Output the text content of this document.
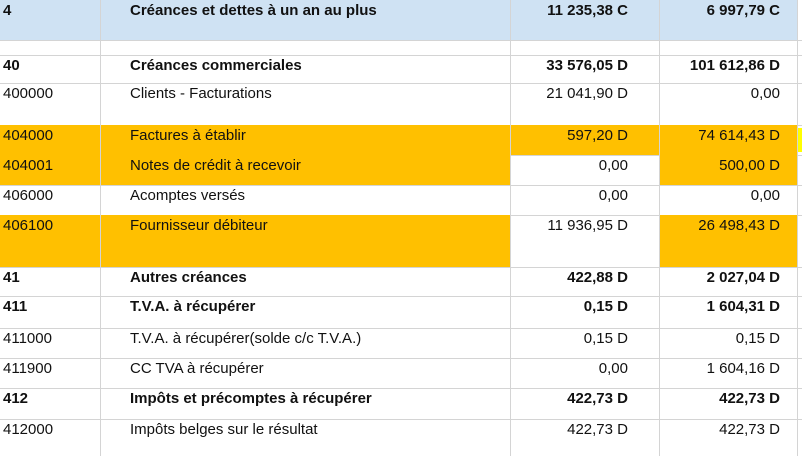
4	Créances et dettes à un an au plus	11 235,38 C	6 997,79 C
40	Créances commerciales	33 576,05 D	101 612,86 D
400000	Clients - Facturations	21 041,90 D	0,00
404000	Factures à établir	597,20 D	74 614,43 D
404001	Notes de crédit à recevoir	0,00	500,00 D
406000	Acomptes versés	0,00	0,00
406100	Fournisseur débiteur	11 936,95 D	26 498,43 D
41	Autres créances	422,88 D	2 027,04 D
411	T.V.A. à récupérer	0,15 D	1 604,31 D
411000	T.V.A. à récupérer(solde c/c T.V.A.)	0,15 D	0,15 D
411900	CC TVA à récupérer	0,00	1 604,16 D
412	Impôts et précomptes à récupérer	422,73 D	422,73 D
412000	Impôts belges sur le résultat	422,73 D	422,73 D
